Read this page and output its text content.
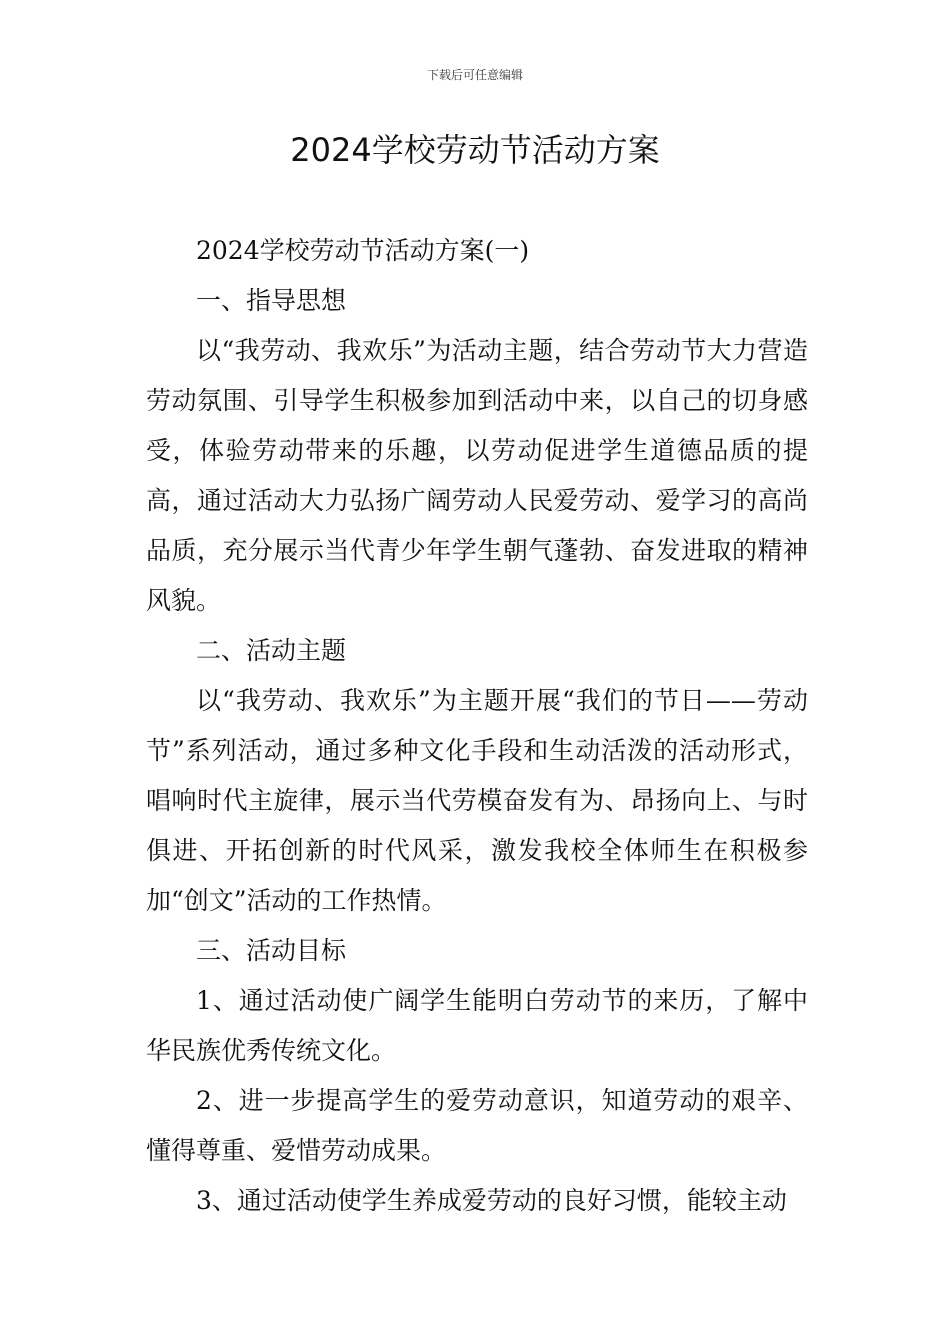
下载后可任意编辑
2024学校劳动节活动方案

2024学校劳动节活动方案(一)

一、指导思想

以“我劳动、我欢乐”为活动主题，结合劳动节大力营造劳动氛围、引导学生积极参加到活动中来，以自己的切身感受，体验劳动带来的乐趣，以劳动促进学生道德品质的提高，通过活动大力弘扬广阔劳动人民爱劳动、爱学习的高尚品质，充分展示当代青少年学生朝气蓬勃、奋发进取的精神风貌。

二、活动主题

以“我劳动、我欢乐”为主题开展“我们的节日——劳动节”系列活动，通过多种文化手段和生动活泼的活动形式，唱响时代主旋律，展示当代劳模奋发有为、昂扬向上、与时俱进、开拓创新的时代风采，激发我校全体师生在积极参加“创文”活动的工作热情。

三、活动目标

1、通过活动使广阔学生能明白劳动节的来历，了解中华民族优秀传统文化。

2、进一步提高学生的爱劳动意识，知道劳动的艰辛、懂得尊重、爱惜劳动成果。

3、通过活动使学生养成爱劳动的良好习惯，能较主动
